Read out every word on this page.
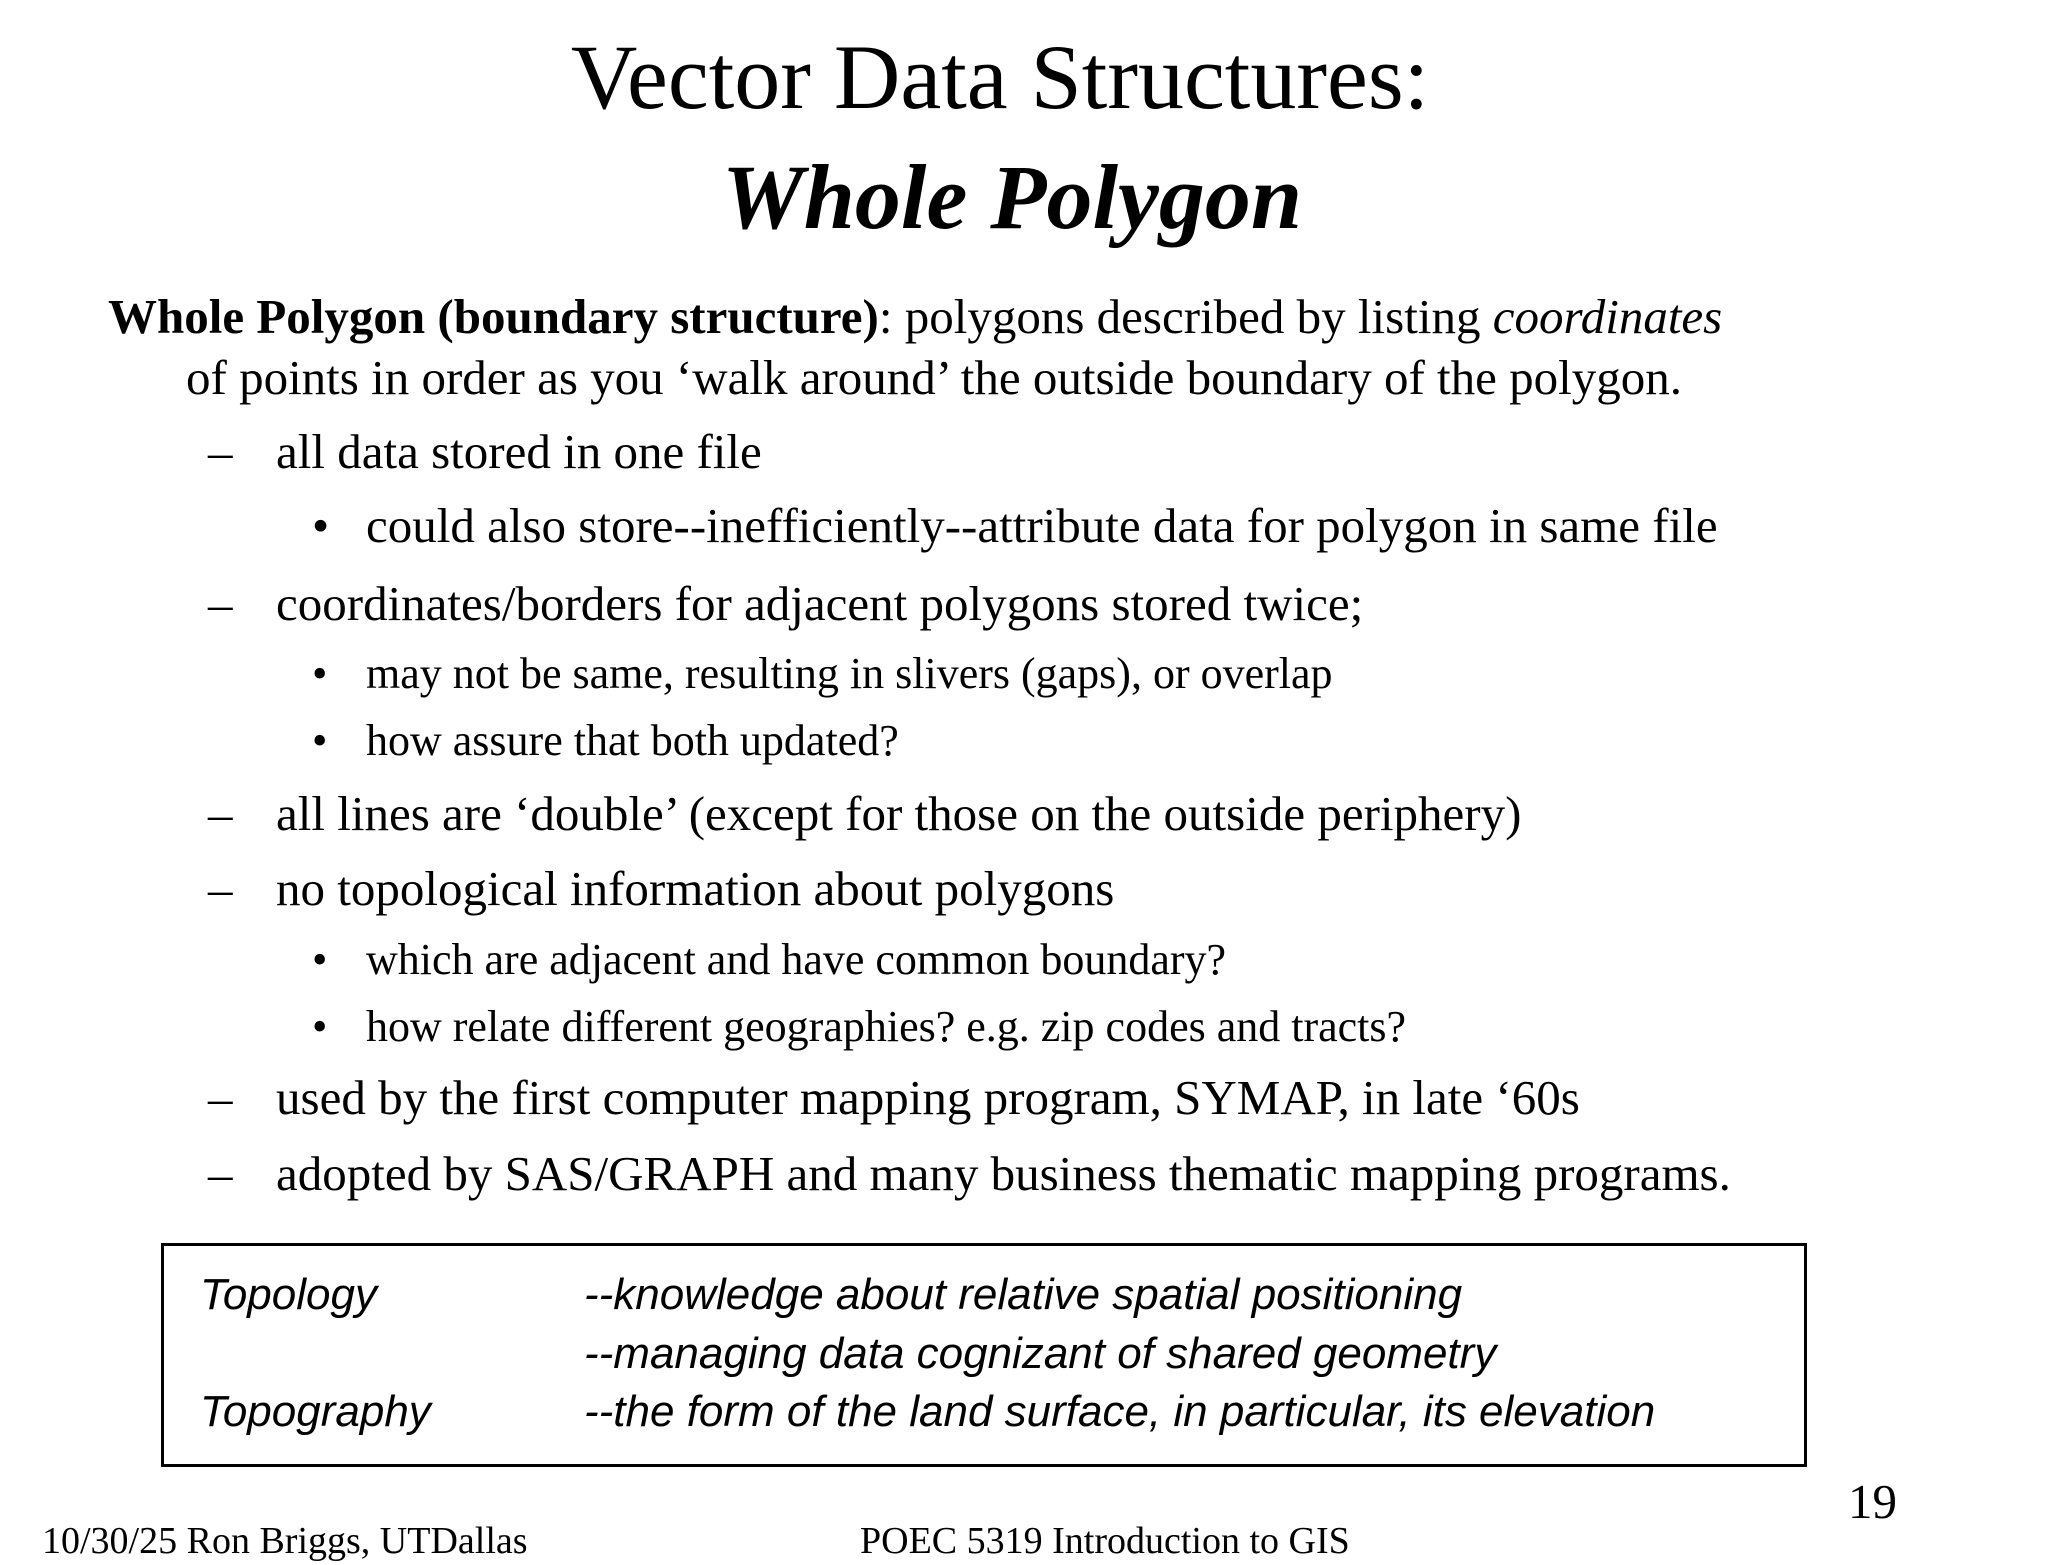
Vector Data Structures:
Whole Polygon
Whole Polygon (boundary structure): polygons described by listing coordinates
of points in order as you ‘walk around’ the outside boundary of the polygon.
– all data stored in one file
• could also store--inefficiently--attribute data for polygon in same file
– coordinates/borders for adjacent polygons stored twice;
• may not be same, resulting in slivers (gaps), or overlap
• how assure that both updated?
– all lines are ‘double’ (except for those on the outside periphery)
– no topological information about polygons
• which are adjacent and have common boundary?
• how relate different geographies? e.g. zip codes and tracts?
– used by the first computer mapping program, SYMAP, in late ‘60s
– adopted by SAS/GRAPH and many business thematic mapping programs.
Topology	--knowledge about relative spatial positioning
--managing data cognizant of shared geometry
Topography	--the form of the land surface, in particular, its elevation
19
10/30/25 Ron Briggs, UTDallas	POEC 5319 Introduction to GIS
